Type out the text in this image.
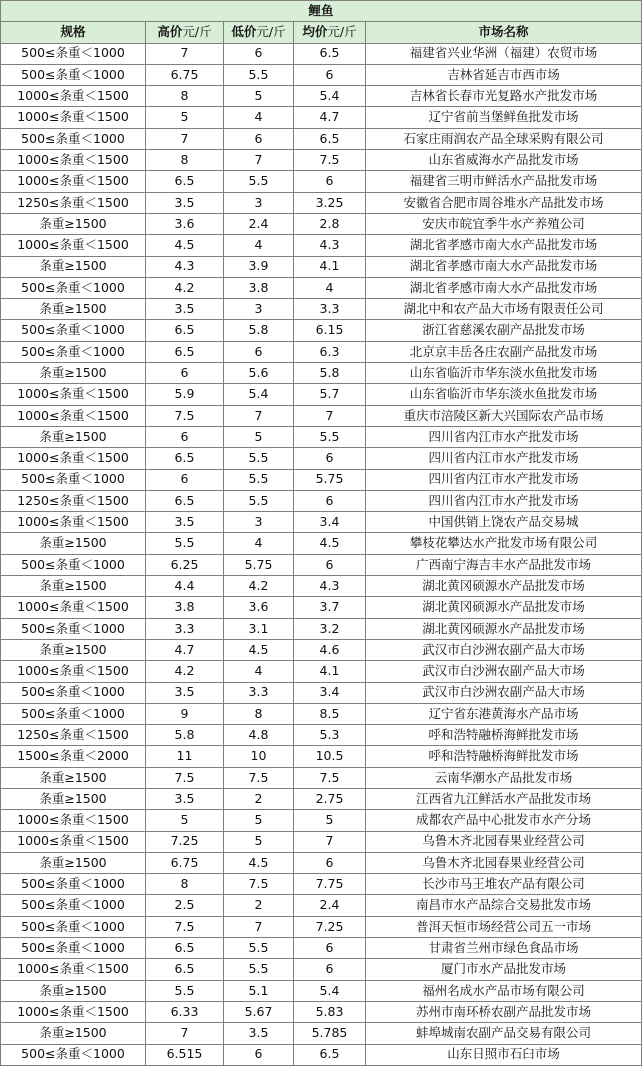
鲤鱼				
规格	高价元/斤	低价元/斤	均价元/斤	市场名称
500≤条重＜1000	7	6	6.5	福建省兴业华洲（福建）农贸市场
500≤条重＜1000	6.75	5.5	6	吉林省延吉市西市场
1000≤条重＜1500	8	5	5.4	吉林省长春市光复路水产批发市场
1000≤条重＜1500	5	4	4.7	辽宁省前当堡鲜鱼批发市场
500≤条重＜1000	7	6	6.5	石家庄雨润农产品全球采购有限公司
1000≤条重＜1500	8	7	7.5	山东省威海水产品批发市场
1000≤条重＜1500	6.5	5.5	6	福建省三明市鲜活水产品批发市场
1250≤条重＜1500	3.5	3	3.25	安徽省合肥市周谷堆水产品批发市场
条重≥1500	3.6	2.4	2.8	安庆市皖宜季牛水产养殖公司
1000≤条重＜1500	4.5	4	4.3	湖北省孝感市南大水产品批发市场
条重≥1500	4.3	3.9	4.1	湖北省孝感市南大水产品批发市场
500≤条重＜1000	4.2	3.8	4	湖北省孝感市南大水产品批发市场
条重≥1500	3.5	3	3.3	湖北中和农产品大市场有限责任公司
500≤条重＜1000	6.5	5.8	6.15	浙江省慈溪农副产品批发市场
500≤条重＜1000	6.5	6	6.3	北京京丰岳各庄农副产品批发市场
条重≥1500	6	5.6	5.8	山东省临沂市华东淡水鱼批发市场
1000≤条重＜1500	5.9	5.4	5.7	山东省临沂市华东淡水鱼批发市场
1000≤条重＜1500	7.5	7	7	重庆市涪陵区新大兴国际农产品市场
条重≥1500	6	5	5.5	四川省内江市水产批发市场
1000≤条重＜1500	6.5	5.5	6	四川省内江市水产批发市场
500≤条重＜1000	6	5.5	5.75	四川省内江市水产批发市场
1250≤条重＜1500	6.5	5.5	6	四川省内江市水产批发市场
1000≤条重＜1500	3.5	3	3.4	中国供销上饶农产品交易城
条重≥1500	5.5	4	4.5	攀枝花攀达水产批发市场有限公司
500≤条重＜1000	6.25	5.75	6	广西南宁海吉丰水产品批发市场
条重≥1500	4.4	4.2	4.3	湖北黄冈硕源水产品批发市场
1000≤条重＜1500	3.8	3.6	3.7	湖北黄冈硕源水产品批发市场
500≤条重＜1000	3.3	3.1	3.2	湖北黄冈硕源水产品批发市场
条重≥1500	4.7	4.5	4.6	武汉市白沙洲农副产品大市场
1000≤条重＜1500	4.2	4	4.1	武汉市白沙洲农副产品大市场
500≤条重＜1000	3.5	3.3	3.4	武汉市白沙洲农副产品大市场
500≤条重＜1000	9	8	8.5	辽宁省东港黄海水产品市场
1250≤条重＜1500	5.8	4.8	5.3	呼和浩特融桥海鲜批发市场
1500≤条重＜2000	11	10	10.5	呼和浩特融桥海鲜批发市场
条重≥1500	7.5	7.5	7.5	云南华潮水产品批发市场
条重≥1500	3.5	2	2.75	江西省九江鲜活水产品批发市场
1000≤条重＜1500	5	5	5	成都农产品中心批发市水产分场
1000≤条重＜1500	7.25	5	7	乌鲁木齐北园春果业经营公司
条重≥1500	6.75	4.5	6	乌鲁木齐北园春果业经营公司
500≤条重＜1000	8	7.5	7.75	长沙市马王堆农产品有限公司
500≤条重＜1000	2.5	2	2.4	南昌市水产品综合交易批发市场
500≤条重＜1000	7.5	7	7.25	普洱天恒市场经营公司五一市场
500≤条重＜1000	6.5	5.5	6	甘肃省兰州市绿色食品市场
1000≤条重＜1500	6.5	5.5	6	厦门市水产品批发市场
条重≥1500	5.5	5.1	5.4	福州名成水产品市场有限公司
1000≤条重＜1500	6.33	5.67	5.83	苏州市南环桥农副产品批发市场
条重≥1500	7	3.5	5.785	蚌埠城南农副产品交易有限公司
500≤条重＜1000	6.515	6	6.5	山东日照市石臼市场
